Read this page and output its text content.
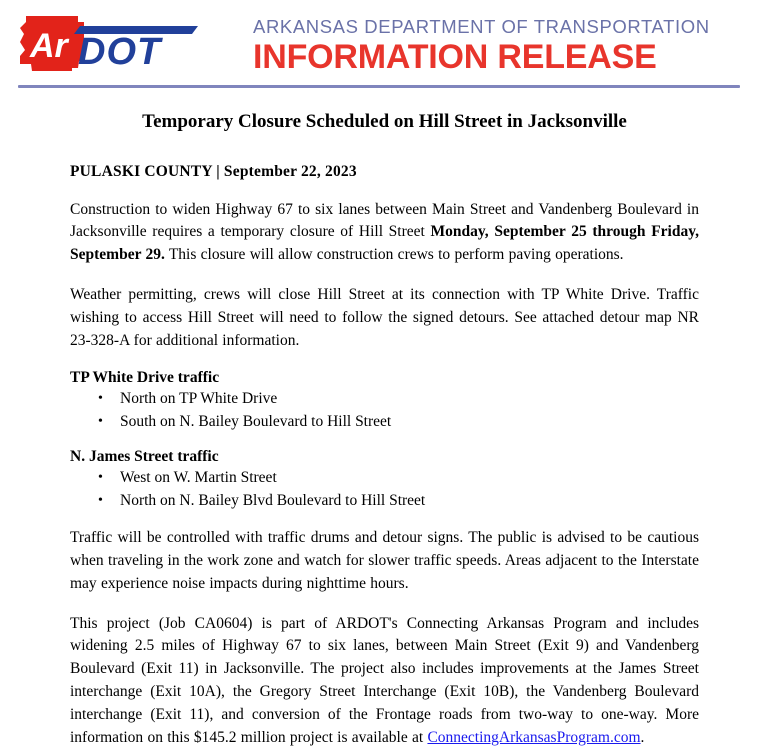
Ar DOT
ARKANSAS DEPARTMENT OF TRANSPORTATION
INFORMATION RELEASE
Temporary Closure Scheduled on Hill Street in Jacksonville
PULASKI COUNTY | September 22, 2023

Construction to widen Highway 67 to six lanes between Main Street and Vandenberg Boulevard in Jacksonville requires a temporary closure of Hill Street Monday, September 25 through Friday, September 29. This closure will allow construction crews to perform paving operations.

Weather permitting, crews will close Hill Street at its connection with TP White Drive. Traffic wishing to access Hill Street will need to follow the signed detours. See attached detour map NR 23-328-A for additional information.

TP White Drive traffic
• North on TP White Drive
• South on N. Bailey Boulevard to Hill Street
N. James Street traffic
• West on W. Martin Street
• North on N. Bailey Blvd Boulevard to Hill Street

Traffic will be controlled with traffic drums and detour signs. The public is advised to be cautious when traveling in the work zone and watch for slower traffic speeds. Areas adjacent to the Interstate may experience noise impacts during nighttime hours.

This project (Job CA0604) is part of ARDOT's Connecting Arkansas Program and includes widening 2.5 miles of Highway 67 to six lanes, between Main Street (Exit 9) and Vandenberg Boulevard (Exit 11) in Jacksonville. The project also includes improvements at the James Street interchange (Exit 10A), the Gregory Street Interchange (Exit 10B), the Vandenberg Boulevard interchange (Exit 11), and conversion of the Frontage roads from two-way to one-way. More information on this $145.2 million project is available at ConnectingArkansasProgram.com.
